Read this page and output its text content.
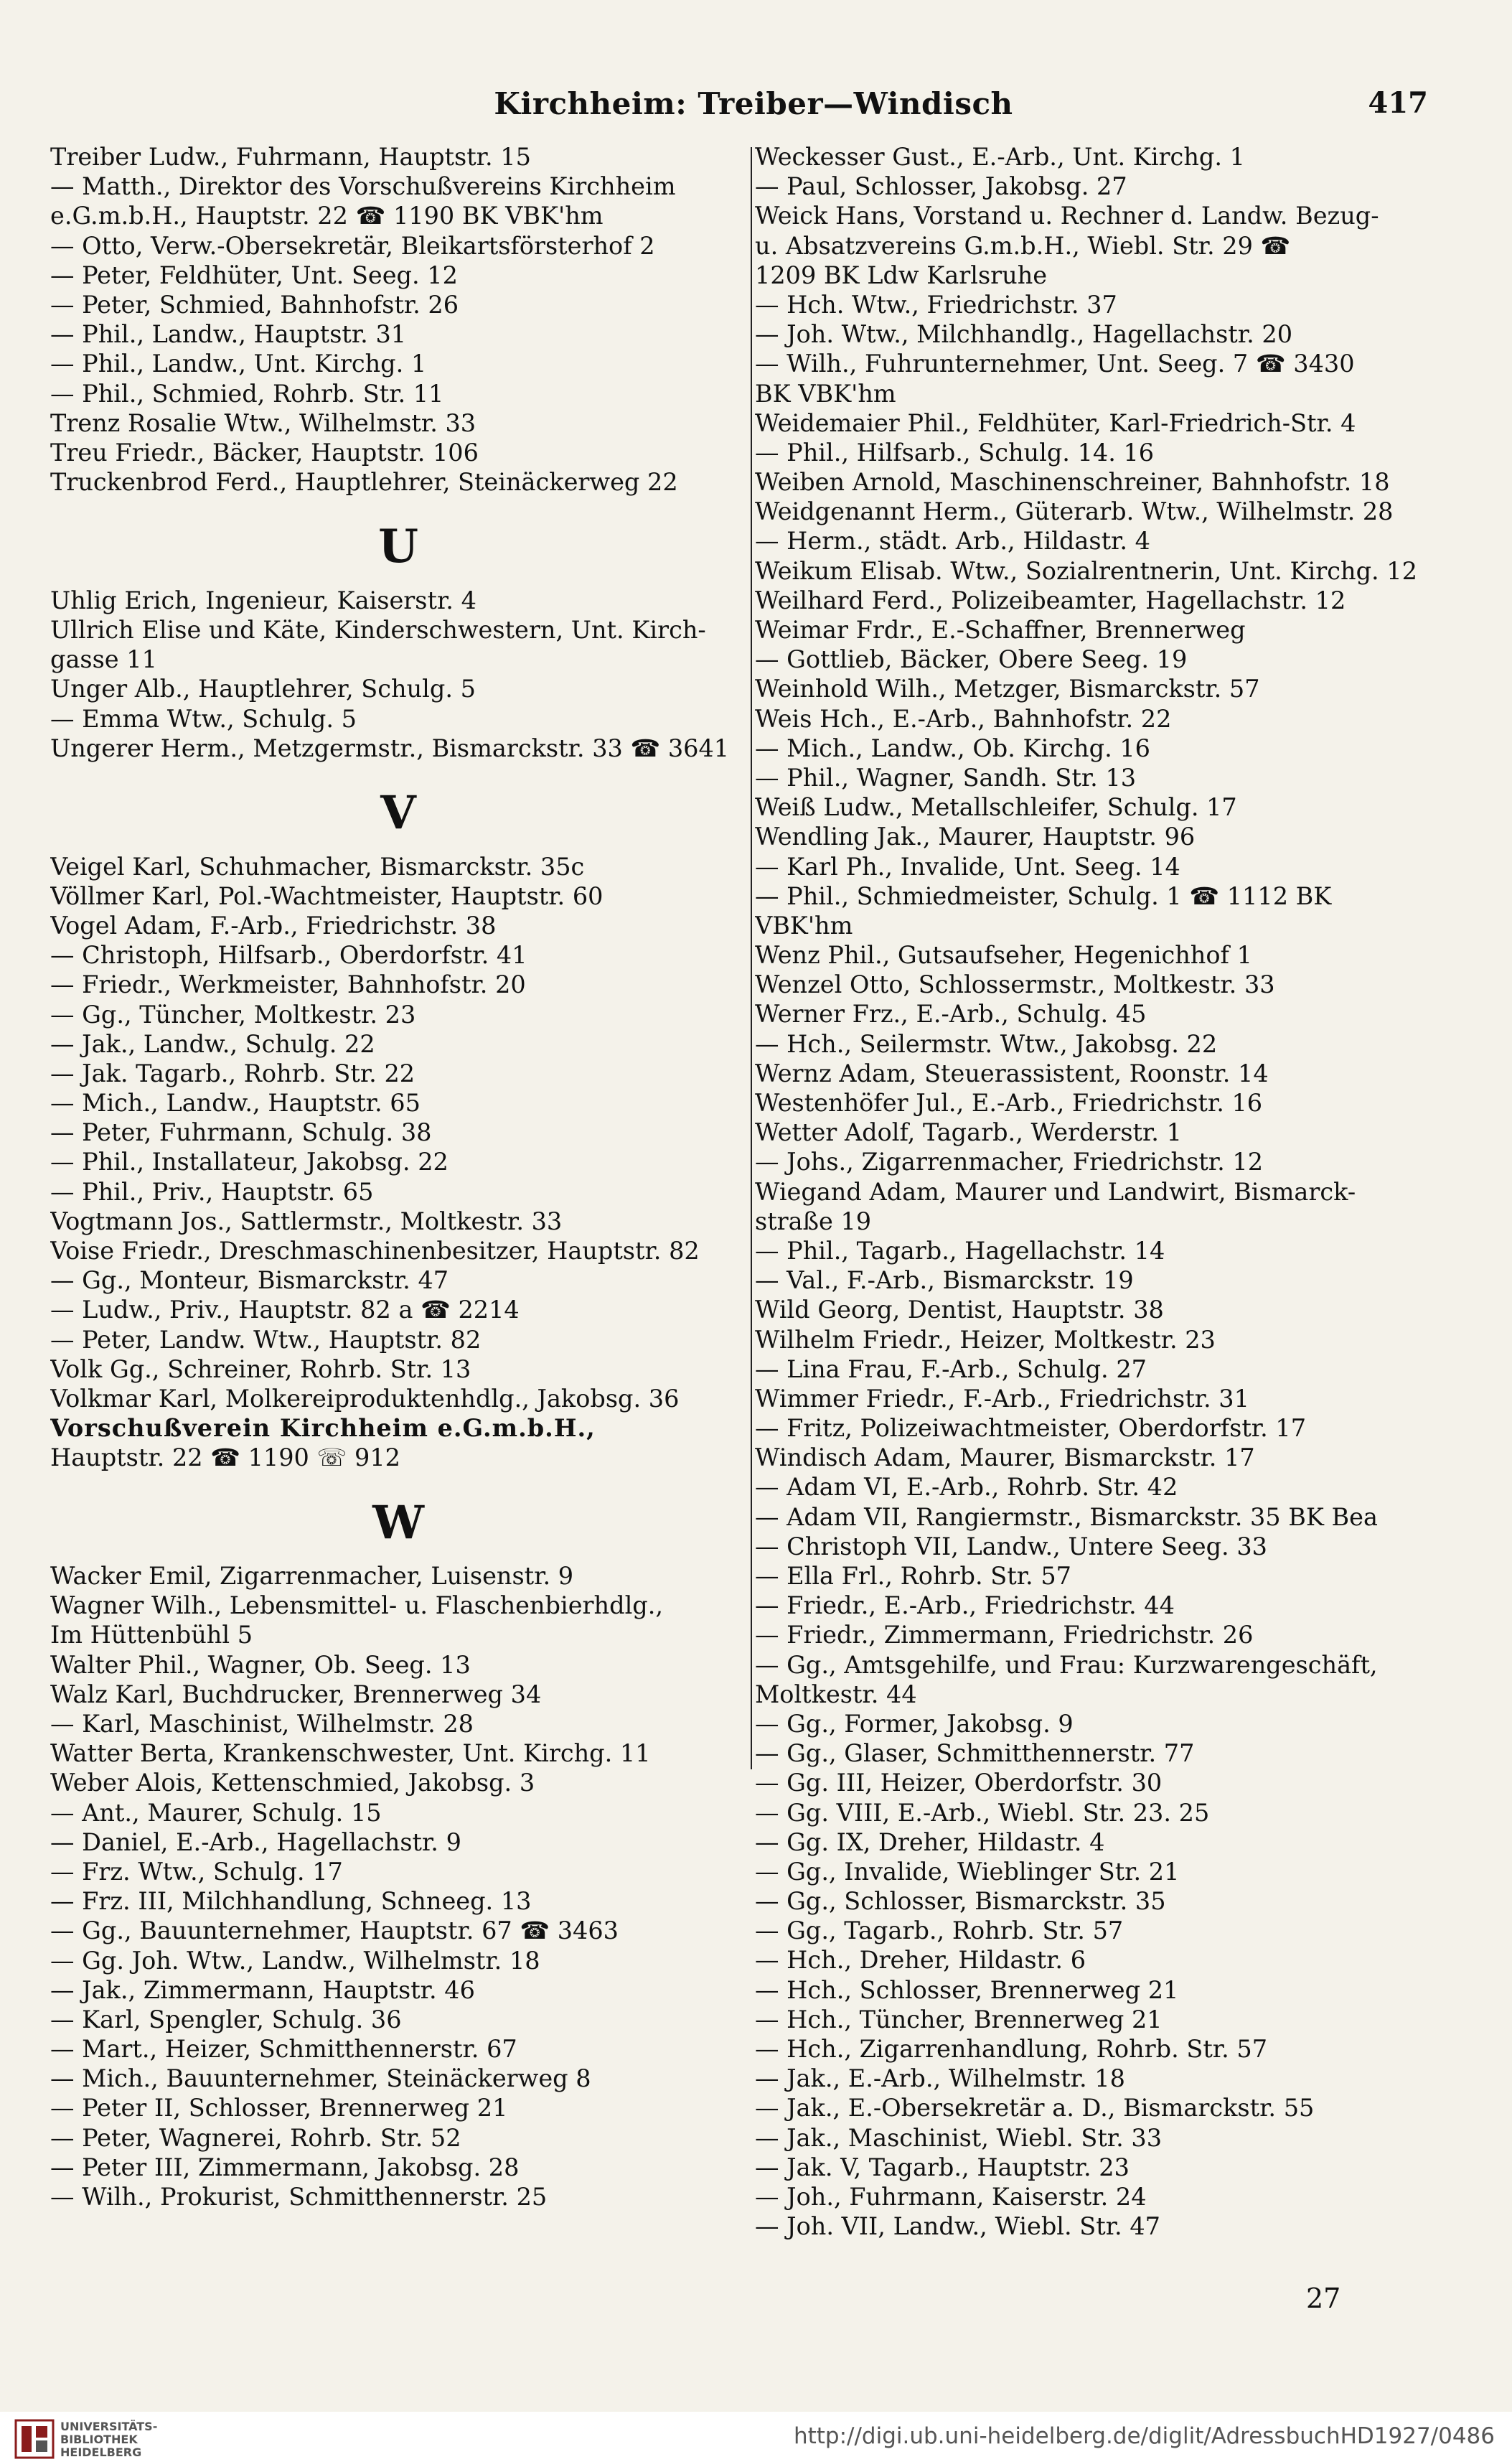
Kirchheim: Treiber—Windisch	417
Treiber Ludw., Fuhrmann, Hauptstr. 15
— Matth., Direktor des Vorschußvereins Kirchheim
e.G.m.b.H., Hauptstr. 22 ☎ 1190 BK VBK'hm
— Otto, Verw.-Obersekretär, Bleikartsförsterhof 2
— Peter, Feldhüter, Unt. Seeg. 12
— Peter, Schmied, Bahnhofstr. 26
— Phil., Landw., Hauptstr. 31
— Phil., Landw., Unt. Kirchg. 1
— Phil., Schmied, Rohrb. Str. 11
Trenz Rosalie Wtw., Wilhelmstr. 33
Treu Friedr., Bäcker, Hauptstr. 106
Truckenbrod Ferd., Hauptlehrer, Steinäckerweg 22
U
Uhlig Erich, Ingenieur, Kaiserstr. 4
Ullrich Elise und Käte, Kinderschwestern, Unt. Kirch-
gasse 11
Unger Alb., Hauptlehrer, Schulg. 5
— Emma Wtw., Schulg. 5
Ungerer Herm., Metzgermstr., Bismarckstr. 33 ☎ 3641
V
Veigel Karl, Schuhmacher, Bismarckstr. 35c
Völlmer Karl, Pol.-Wachtmeister, Hauptstr. 60
Vogel Adam, F.-Arb., Friedrichstr. 38
— Christoph, Hilfsarb., Oberdorfstr. 41
— Friedr., Werkmeister, Bahnhofstr. 20
— Gg., Tüncher, Moltkestr. 23
— Jak., Landw., Schulg. 22
— Jak. Tagarb., Rohrb. Str. 22
— Mich., Landw., Hauptstr. 65
— Peter, Fuhrmann, Schulg. 38
— Phil., Installateur, Jakobsg. 22
— Phil., Priv., Hauptstr. 65
Vogtmann Jos., Sattlermstr., Moltkestr. 33
Voise Friedr., Dreschmaschinenbesitzer, Hauptstr. 82
— Gg., Monteur, Bismarckstr. 47
— Ludw., Priv., Hauptstr. 82 a ☎ 2214
— Peter, Landw. Wtw., Hauptstr. 82
Volk Gg., Schreiner, Rohrb. Str. 13
Volkmar Karl, Molkereiproduktenhdlg., Jakobsg. 36
Vorschußverein Kirchheim e.G.m.b.H.,
Hauptstr. 22 ☎ 1190 ☏ 912
W
Wacker Emil, Zigarrenmacher, Luisenstr. 9
Wagner Wilh., Lebensmittel- u. Flaschenbierhdlg.,
Im Hüttenbühl 5
Walter Phil., Wagner, Ob. Seeg. 13
Walz Karl, Buchdrucker, Brennerweg 34
— Karl, Maschinist, Wilhelmstr. 28
Watter Berta, Krankenschwester, Unt. Kirchg. 11
Weber Alois, Kettenschmied, Jakobsg. 3
— Ant., Maurer, Schulg. 15
— Daniel, E.-Arb., Hagellachstr. 9
— Frz. Wtw., Schulg. 17
— Frz. III, Milchhandlung, Schneeg. 13
— Gg., Bauunternehmer, Hauptstr. 67 ☎ 3463
— Gg. Joh. Wtw., Landw., Wilhelmstr. 18
— Jak., Zimmermann, Hauptstr. 46
— Karl, Spengler, Schulg. 36
— Mart., Heizer, Schmitthennerstr. 67
— Mich., Bauunternehmer, Steinäckerweg 8
— Peter II, Schlosser, Brennerweg 21
— Peter, Wagnerei, Rohrb. Str. 52
— Peter III, Zimmermann, Jakobsg. 28
— Wilh., Prokurist, Schmitthennerstr. 25
Weckesser Gust., E.-Arb., Unt. Kirchg. 1
— Paul, Schlosser, Jakobsg. 27
Weick Hans, Vorstand u. Rechner d. Landw. Bezug-
u. Absatzvereins G.m.b.H., Wiebl. Str. 29 ☎
1209 BK Ldw Karlsruhe
— Hch. Wtw., Friedrichstr. 37
— Joh. Wtw., Milchhandlg., Hagellachstr. 20
— Wilh., Fuhrunternehmer, Unt. Seeg. 7 ☎ 3430
BK VBK'hm
Weidemaier Phil., Feldhüter, Karl-Friedrich-Str. 4
— Phil., Hilfsarb., Schulg. 14. 16
Weiben Arnold, Maschinenschreiner, Bahnhofstr. 18
Weidgenannt Herm., Güterarb. Wtw., Wilhelmstr. 28
— Herm., städt. Arb., Hildastr. 4
Weikum Elisab. Wtw., Sozialrentnerin, Unt. Kirchg. 12
Weilhard Ferd., Polizeibeamter, Hagellachstr. 12
Weimar Frdr., E.-Schaffner, Brennerweg
— Gottlieb, Bäcker, Obere Seeg. 19
Weinhold Wilh., Metzger, Bismarckstr. 57
Weis Hch., E.-Arb., Bahnhofstr. 22
— Mich., Landw., Ob. Kirchg. 16
— Phil., Wagner, Sandh. Str. 13
Weiß Ludw., Metallschleifer, Schulg. 17
Wendling Jak., Maurer, Hauptstr. 96
— Karl Ph., Invalide, Unt. Seeg. 14
— Phil., Schmiedmeister, Schulg. 1 ☎ 1112 BK
VBK'hm
Wenz Phil., Gutsaufseher, Hegenichhof 1
Wenzel Otto, Schlossermstr., Moltkestr. 33
Werner Frz., E.-Arb., Schulg. 45
— Hch., Seilermstr. Wtw., Jakobsg. 22
Wernz Adam, Steuerassistent, Roonstr. 14
Westenhöfer Jul., E.-Arb., Friedrichstr. 16
Wetter Adolf, Tagarb., Werderstr. 1
— Johs., Zigarrenmacher, Friedrichstr. 12
Wiegand Adam, Maurer und Landwirt, Bismarck-
straße 19
— Phil., Tagarb., Hagellachstr. 14
— Val., F.-Arb., Bismarckstr. 19
Wild Georg, Dentist, Hauptstr. 38
Wilhelm Friedr., Heizer, Moltkestr. 23
— Lina Frau, F.-Arb., Schulg. 27
Wimmer Friedr., F.-Arb., Friedrichstr. 31
— Fritz, Polizeiwachtmeister, Oberdorfstr. 17
Windisch Adam, Maurer, Bismarckstr. 17
— Adam VI, E.-Arb., Rohrb. Str. 42
— Adam VII, Rangiermstr., Bismarckstr. 35 BK Bea
— Christoph VII, Landw., Untere Seeg. 33
— Ella Frl., Rohrb. Str. 57
— Friedr., E.-Arb., Friedrichstr. 44
— Friedr., Zimmermann, Friedrichstr. 26
— Gg., Amtsgehilfe, und Frau: Kurzwarengeschäft,
Moltkestr. 44
— Gg., Former, Jakobsg. 9
— Gg., Glaser, Schmitthennerstr. 77
— Gg. III, Heizer, Oberdorfstr. 30
— Gg. VIII, E.-Arb., Wiebl. Str. 23. 25
— Gg. IX, Dreher, Hildastr. 4
— Gg., Invalide, Wieblinger Str. 21
— Gg., Schlosser, Bismarckstr. 35
— Gg., Tagarb., Rohrb. Str. 57
— Hch., Dreher, Hildastr. 6
— Hch., Schlosser, Brennerweg 21
— Hch., Tüncher, Brennerweg 21
— Hch., Zigarrenhandlung, Rohrb. Str. 57
— Jak., E.-Arb., Wilhelmstr. 18
— Jak., E.-Obersekretär a. D., Bismarckstr. 55
— Jak., Maschinist, Wiebl. Str. 33
— Jak. V, Tagarb., Hauptstr. 23
— Joh., Fuhrmann, Kaiserstr. 24
— Joh. VII, Landw., Wiebl. Str. 47
27
UNIVERSITÄTS-
BIBLIOTHEK
HEIDELBERG
http://digi.ub.uni-heidelberg.de/diglit/AdressbuchHD1927/0486
